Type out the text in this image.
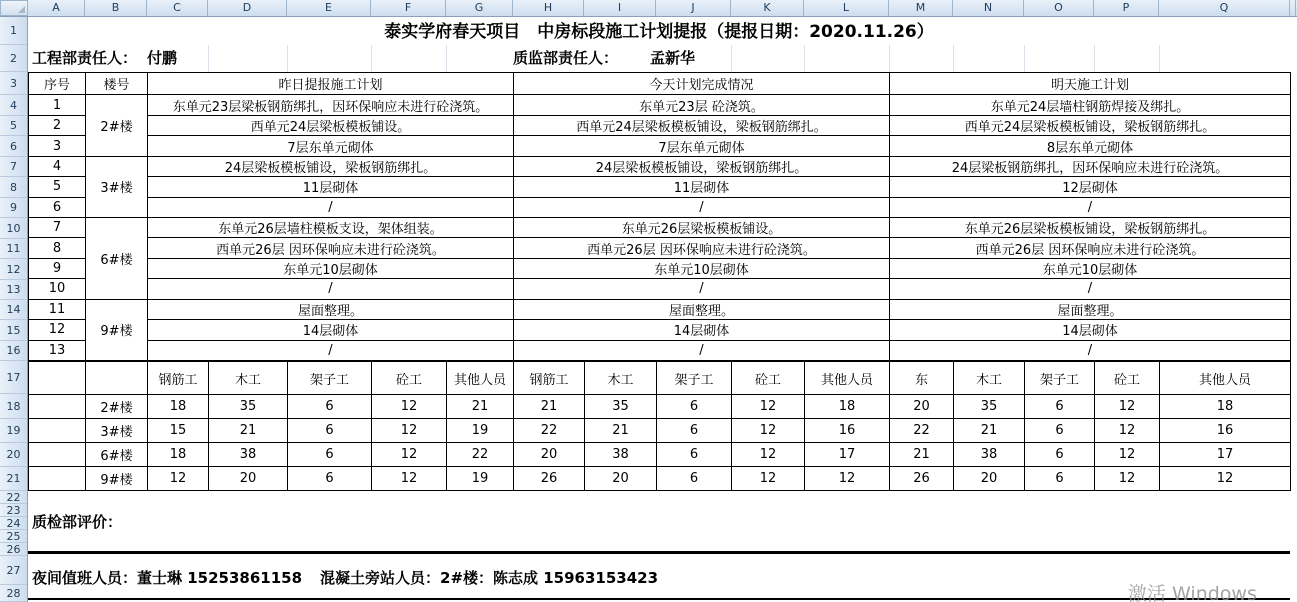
A	B	C	D	E	F	G	H	I	J	K	L	M	N	O	P	Q
1
2
3
4
5
6
7
8
9
10
11
12
13
14
15
16
17
18
19
20
21
22
23
24
25
26
27
28
泰实学府春天项目　中房标段施工计划提报（提报日期：2020.11.26）
工程部责任人： 付鹏	质监部责任人： 孟新华
序号	楼号	昨日提报施工计划	今天计划完成情况	明天施工计划
1	2#楼	东单元23层梁板钢筋绑扎，因环保响应未进行砼浇筑。	东单元23层 砼浇筑。	东单元24层墙柱钢筋焊接及绑扎。
2		西单元24层梁板模板铺设。	西单元24层梁板模板铺设，梁板钢筋绑扎。	西单元24层梁板模板铺设，梁板钢筋绑扎。
3		7层东单元砌体	7层东单元砌体	8层东单元砌体
4	3#楼	24层梁板模板铺设，梁板钢筋绑扎。	24层梁板模板铺设，梁板钢筋绑扎。	24层梁板钢筋绑扎，因环保响应未进行砼浇筑。
5		11层砌体	11层砌体	12层砌体
6		/	/	/
7	6#楼	东单元26层墙柱模板支设，架体组装。	东单元26层梁板模板铺设。	东单元26层梁板模板铺设，梁板钢筋绑扎。
8		西单元26层 因环保响应未进行砼浇筑。	西单元26层 因环保响应未进行砼浇筑。	西单元26层 因环保响应未进行砼浇筑。
9		东单元10层砌体	东单元10层砌体	东单元10层砌体
10		/	/	/
11	9#楼	屋面整理。	屋面整理。	屋面整理。
12		14层砌体	14层砌体	14层砌体
13		/	/	/
		钢筋工	木工	架子工	砼工	其他人员	钢筋工	木工	架子工	砼工	其他人员	东	木工	架子工	砼工	其他人员
	2#楼	18	35	6	12	21	21	35	6	12	18	20	35	6	12	18
	3#楼	15	21	6	12	19	22	21	6	12	16	22	21	6	12	16
	6#楼	18	38	6	12	22	20	38	6	12	17	21	38	6	12	17
	9#楼	12	20	6	12	19	26	20	6	12	12	26	20	6	12	12
质检部评价：
夜间值班人员：董士琳 15253861158 混凝土旁站人员：2#楼：陈志成 15963153423
激活 Windows
